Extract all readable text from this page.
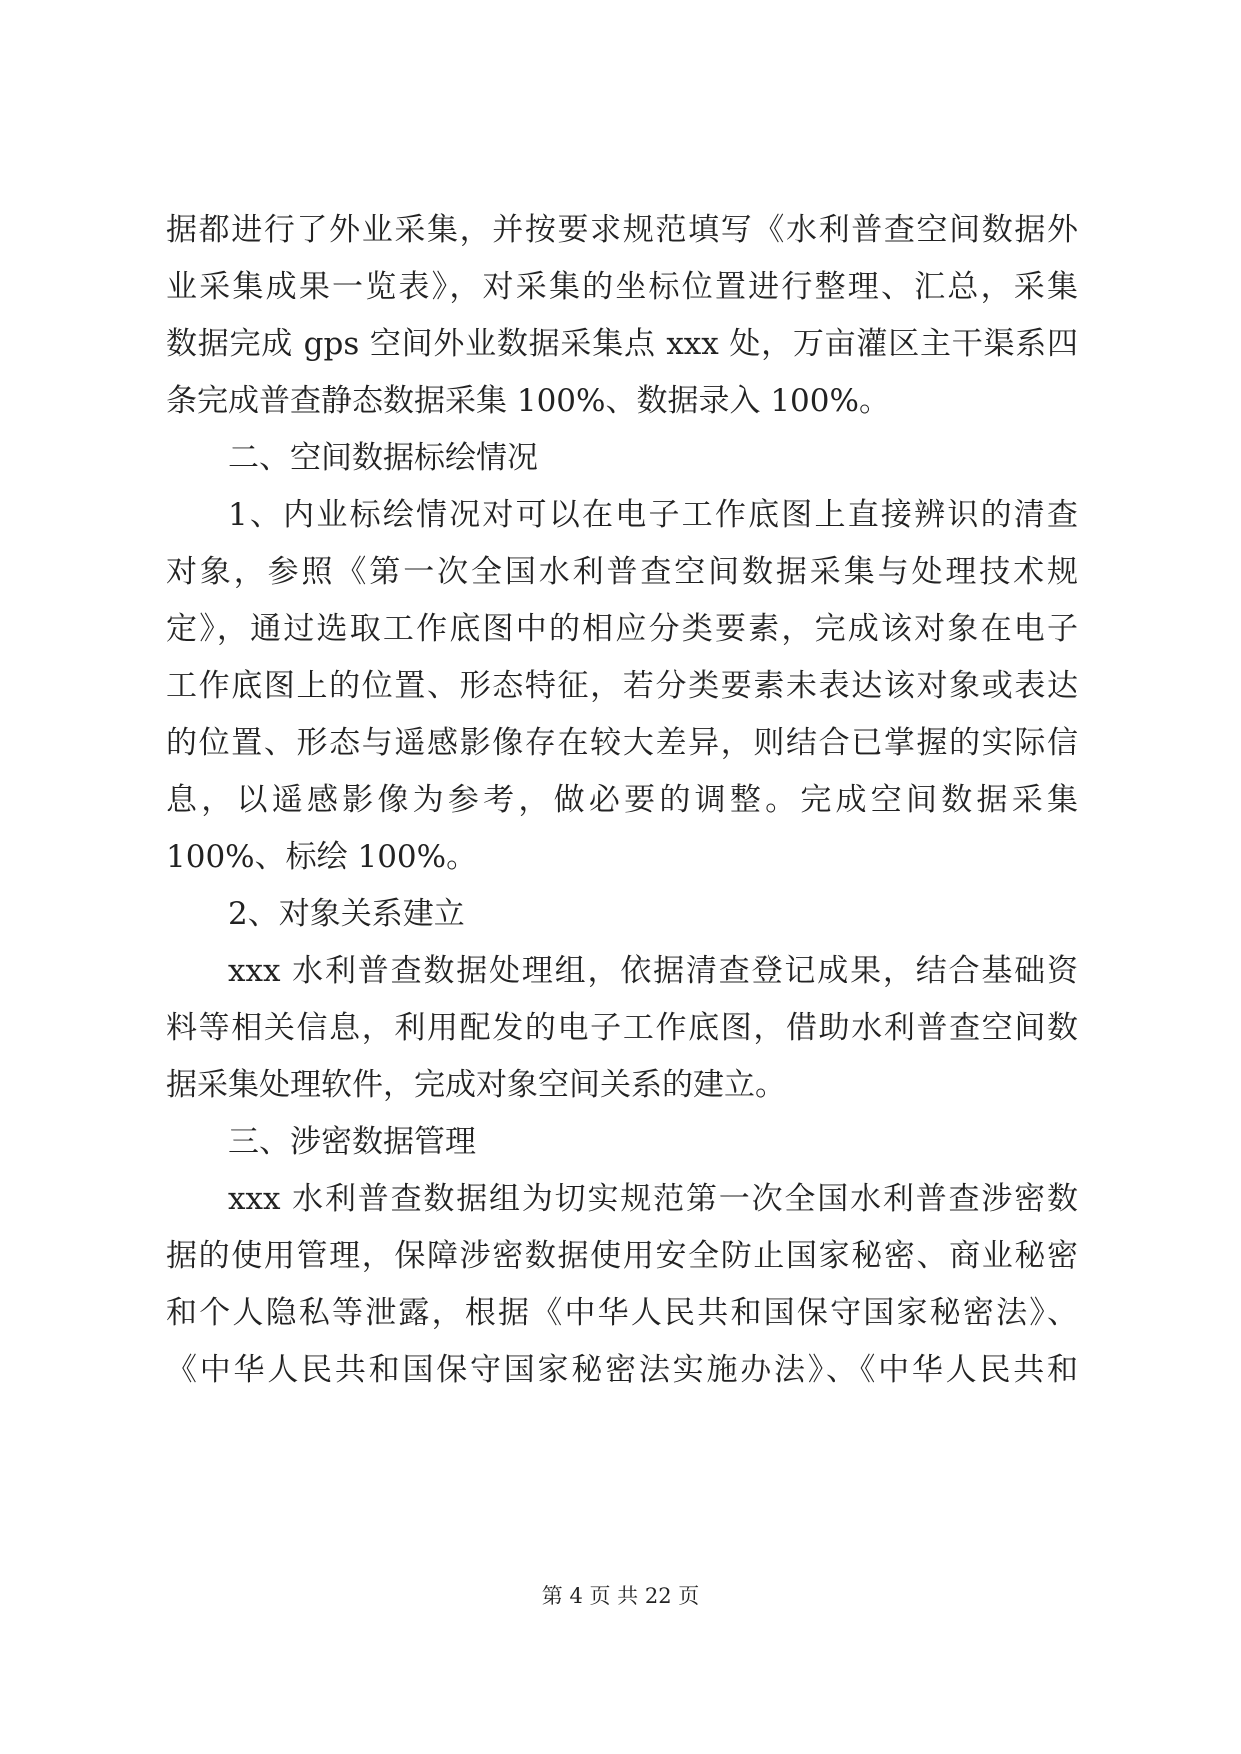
据都进行了外业采集，并按要求规范填写《水利普查空间数据外
业采集成果一览表》，对采集的坐标位置进行整理、汇总，采集
数据完成 gps 空间外业数据采集点 xxx 处，万亩灌区主干渠系四
条完成普查静态数据采集 100%、数据录入 100%。
二、空间数据标绘情况
1、内业标绘情况对可以在电子工作底图上直接辨识的清查
对象，参照《第一次全国水利普查空间数据采集与处理技术规
定》，通过选取工作底图中的相应分类要素，完成该对象在电子
工作底图上的位置、形态特征，若分类要素未表达该对象或表达
的位置、形态与遥感影像存在较大差异，则结合已掌握的实际信
息，以遥感影像为参考，做必要的调整。完成空间数据采集
100%、标绘 100%。
2、对象关系建立
xxx 水利普查数据处理组，依据清查登记成果，结合基础资
料等相关信息，利用配发的电子工作底图，借助水利普查空间数
据采集处理软件，完成对象空间关系的建立。
三、涉密数据管理
xxx 水利普查数据组为切实规范第一次全国水利普查涉密数
据的使用管理，保障涉密数据使用安全防止国家秘密、商业秘密
和个人隐私等泄露，根据《中华人民共和国保守国家秘密法》、
《中华人民共和国保守国家秘密法实施办法》、《中华人民共和
第 4 页 共 22 页
